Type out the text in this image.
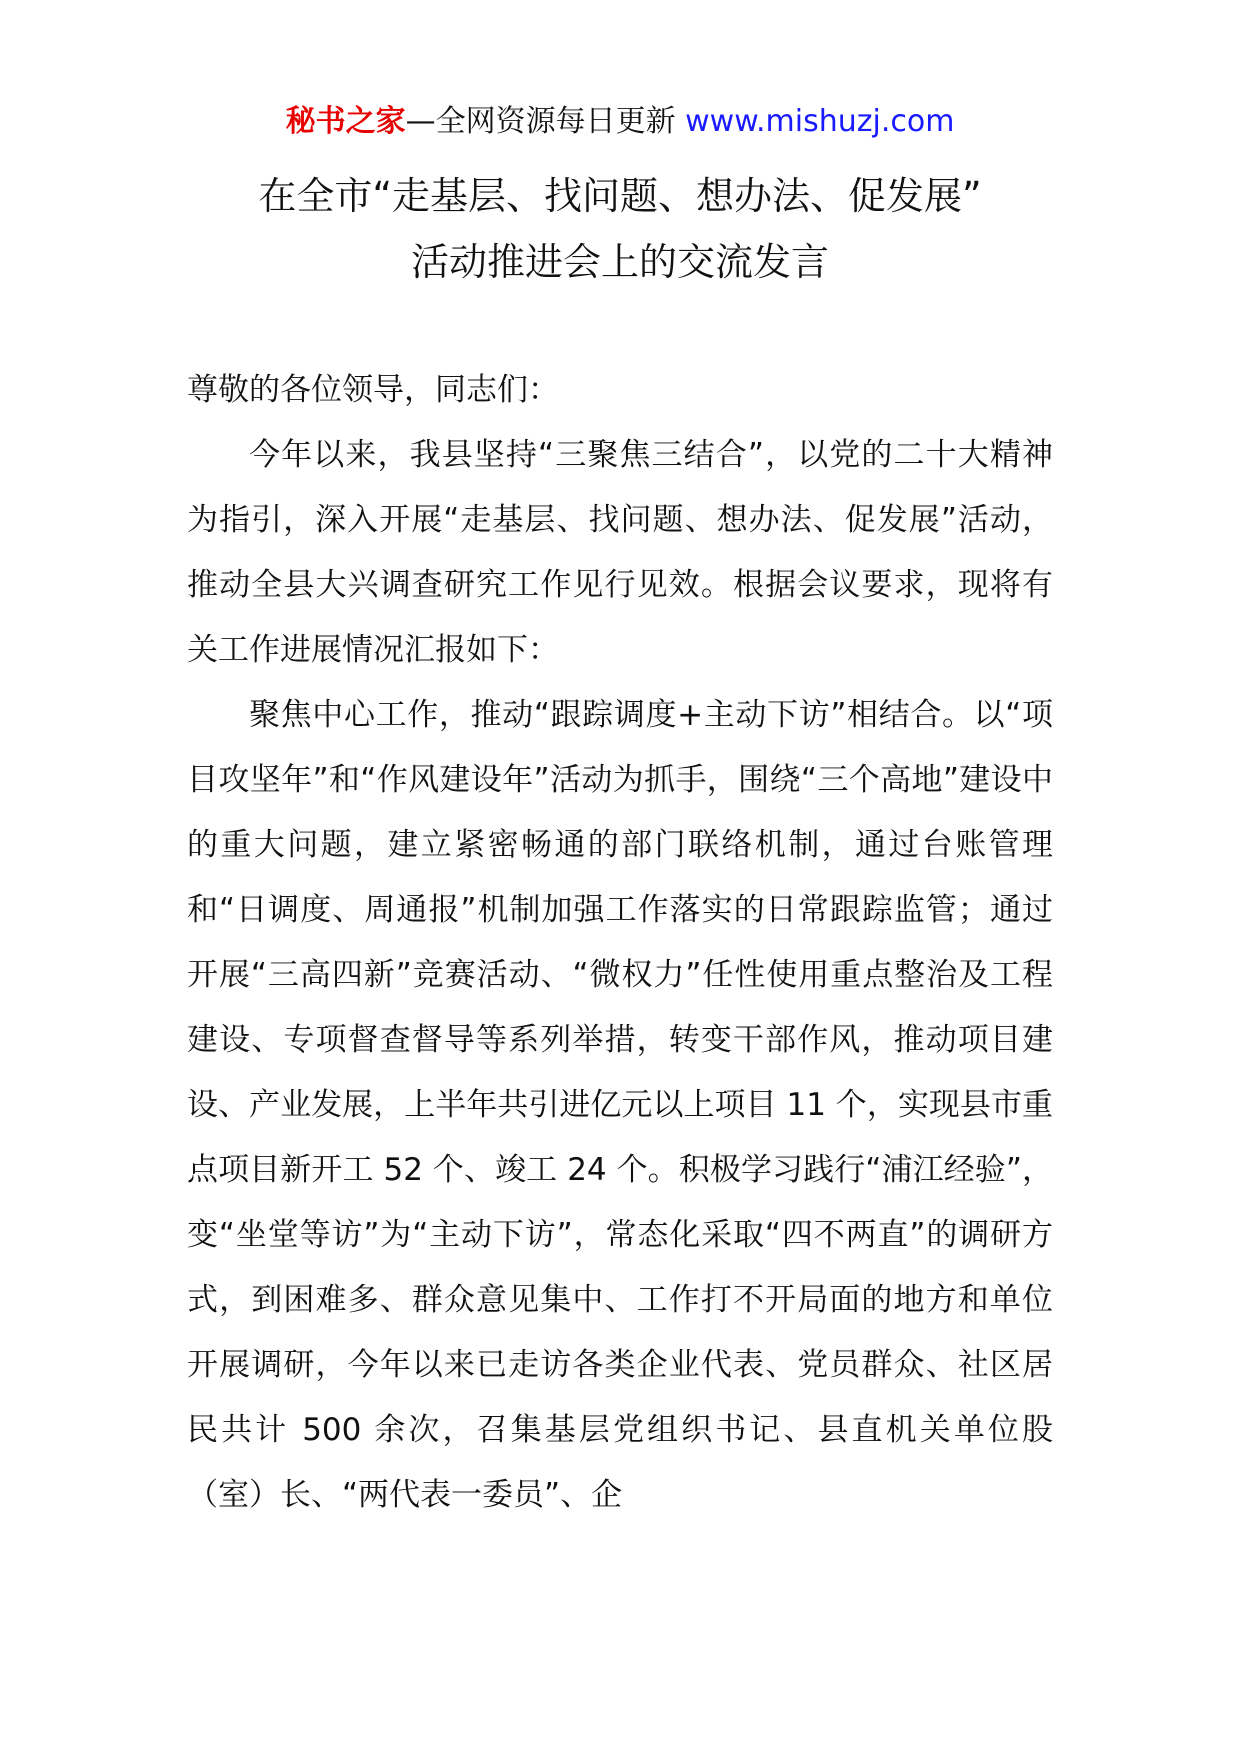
秘书之家—全网资源每日更新 www.mishuzj.com
在全市“走基层、找问题、想办法、促发展”
活动推进会上的交流发言

尊敬的各位领导，同志们：

今年以来，我县坚持“三聚焦三结合”，以党的二十大精神为指引，深入开展“走基层、找问题、想办法、促发展”活动，推动全县大兴调查研究工作见行见效。根据会议要求，现将有关工作进展情况汇报如下：

聚焦中心工作，推动“跟踪调度+主动下访”相结合。以“项目攻坚年”和“作风建设年”活动为抓手，围绕“三个高地”建设中的重大问题，建立紧密畅通的部门联络机制，通过台账管理和“日调度、周通报”机制加强工作落实的日常跟踪监管；通过开展“三高四新”竞赛活动、“微权力”任性使用重点整治及工程建设、专项督查督导等系列举措，转变干部作风，推动项目建设、产业发展，上半年共引进亿元以上项目 11 个，实现县市重点项目新开工 52 个、竣工 24 个。积极学习践行“浦江经验”，变“坐堂等访”为“主动下访”，常态化采取“四不两直”的调研方式，到困难多、群众意见集中、工作打不开局面的地方和单位开展调研，今年以来已走访各类企业代表、党员群众、社区居民共计 500 余次，召集基层党组织书记、县直机关单位股（室）长、“两代表一委员”、企
